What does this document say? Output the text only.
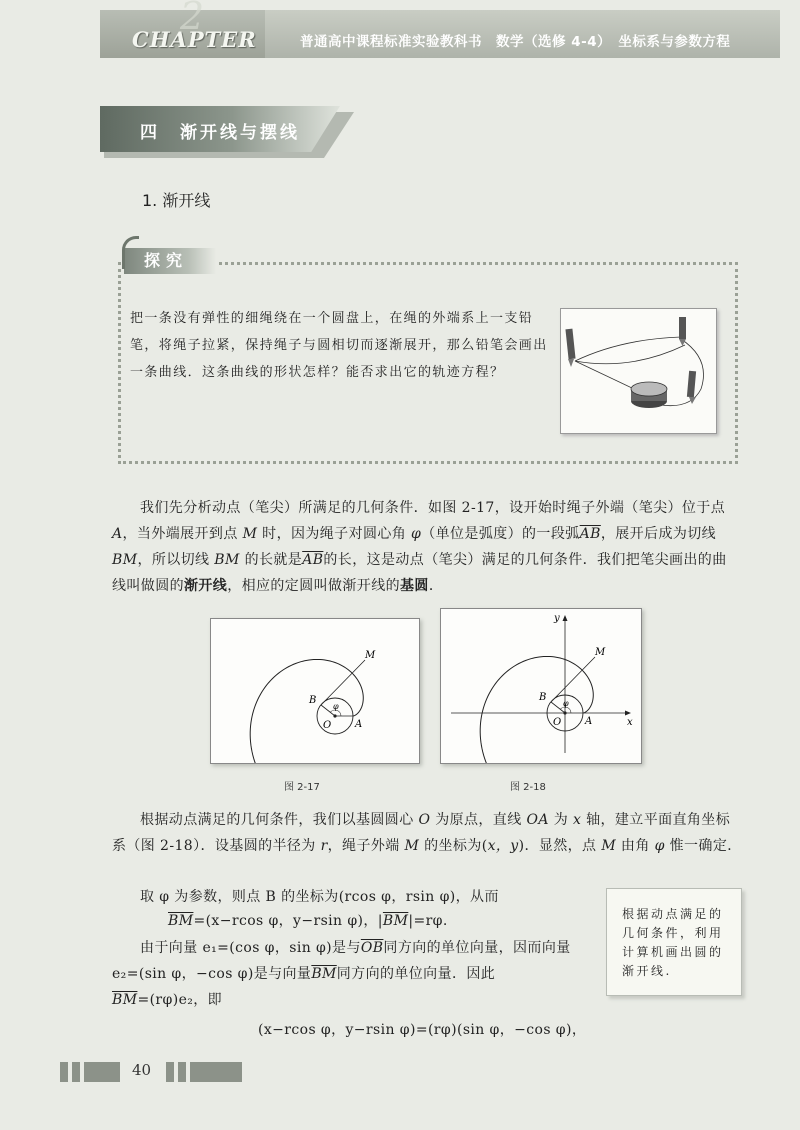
2
CHAPTER	普通高中课程标准实验教科书　数学（选修 4-4）　坐标系与参数方程
四　渐开线与摆线
1. 渐开线
探究
把一条没有弹性的细绳绕在一个圆盘上，在绳的外端系上一支铅笔，将绳子拉紧，保持绳子与圆相切而逐渐展开，那么铅笔会画出一条曲线．这条曲线的形状怎样？能否求出它的轨迹方程？
我们先分析动点（笔尖）所满足的几何条件．如图 2-17，设开始时绳子外端（笔尖）位于点 A，当外端展开到点 M 时，因为绳子对圆心角 φ（单位是弧度）的一段弧$\overline{AB}$，展开后成为切线 BM，所以切线 BM 的长就是$\overline{AB}$的长，这是动点（笔尖）满足的几何条件．我们把笔尖画出的曲线叫做圆的渐开线，相应的定圆叫做渐开线的基圆．
O A
B
M
φ
O A
B
M
φ
x
y
图 2-17	图 2-18
根据动点满足的几何条件，我们以基圆圆心 O 为原点，直线 OA 为 x 轴，建立平面直角坐标系（图 2-18）．设基圆的半径为 r，绳子外端 M 的坐标为(x，y)．显然，点 M 由角 φ 惟一确定．
取 φ 为参数，则点 B 的坐标为(rcos φ，rsin φ)，从而
$\overline{BM}=(x-rcos$ φ，y−rsin φ)，$|\overline{BM}|=r\varphi$.
由于向量 e₁=(cos φ，sin φ)是与$\overline{OB}$同方向的单位向量，因而向量 e₂=(sin φ，−cos φ)是与向量$\overline{BM}$同方向的单位向量．因此
$\overline{BM}=(r\varphi)e_2$，即
(x−rcos φ，y−rsin φ)=(rφ)(sin φ，−cos φ)，
根据动点满足的几何条件，利用计算机画出圆的渐开线.
40
